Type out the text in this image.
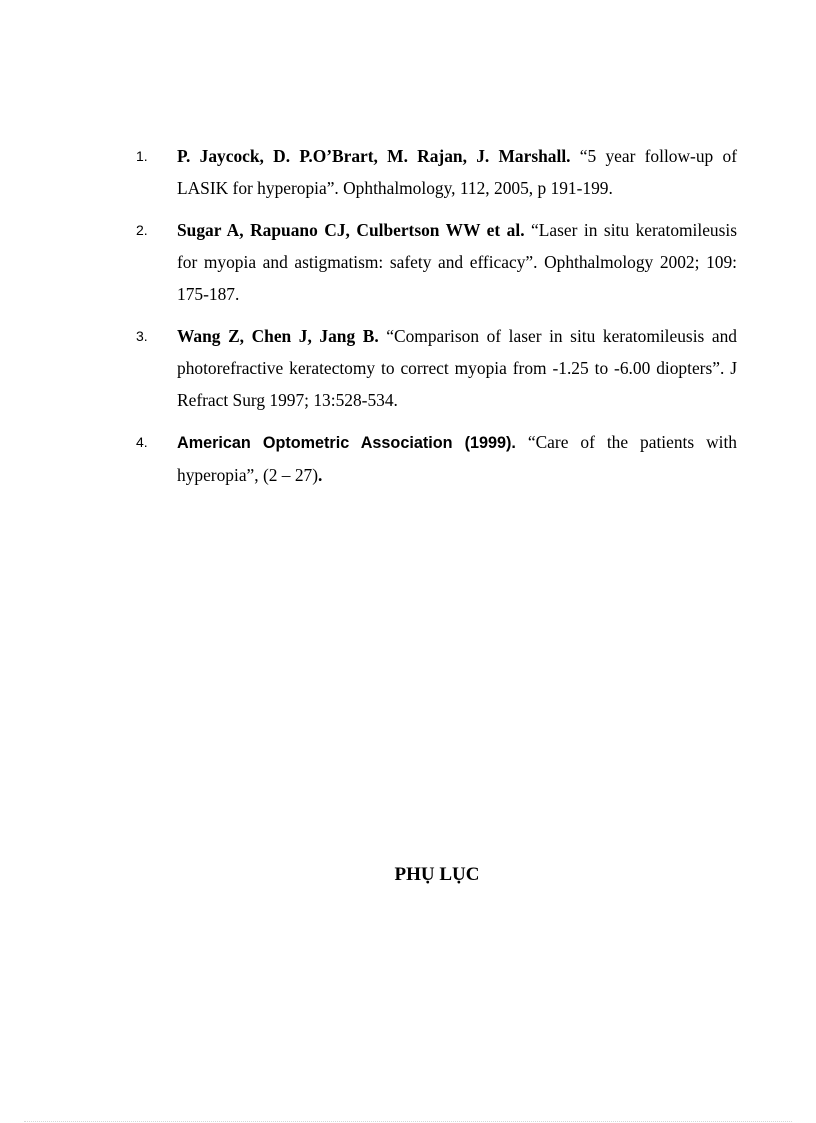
1. P. Jaycock, D. P.O’Brart, M. Rajan, J. Marshall. “5 year follow-up of LASIK for hyperopia”. Ophthalmology, 112, 2005, p 191-199.
2. Sugar A, Rapuano CJ, Culbertson WW et al. “Laser in situ keratomileusis for myopia and astigmatism: safety and efficacy”. Ophthalmology 2002; 109: 175-187.
3. Wang Z, Chen J, Jang B. “Comparison of laser in situ keratomileusis and photorefractive keratectomy to correct myopia from -1.25 to -6.00 diopters”. J Refract Surg 1997; 13:528-534.
4. American Optometric Association (1999). “Care of the patients with hyperopia”, (2 – 27).
PHỤ LỤC
